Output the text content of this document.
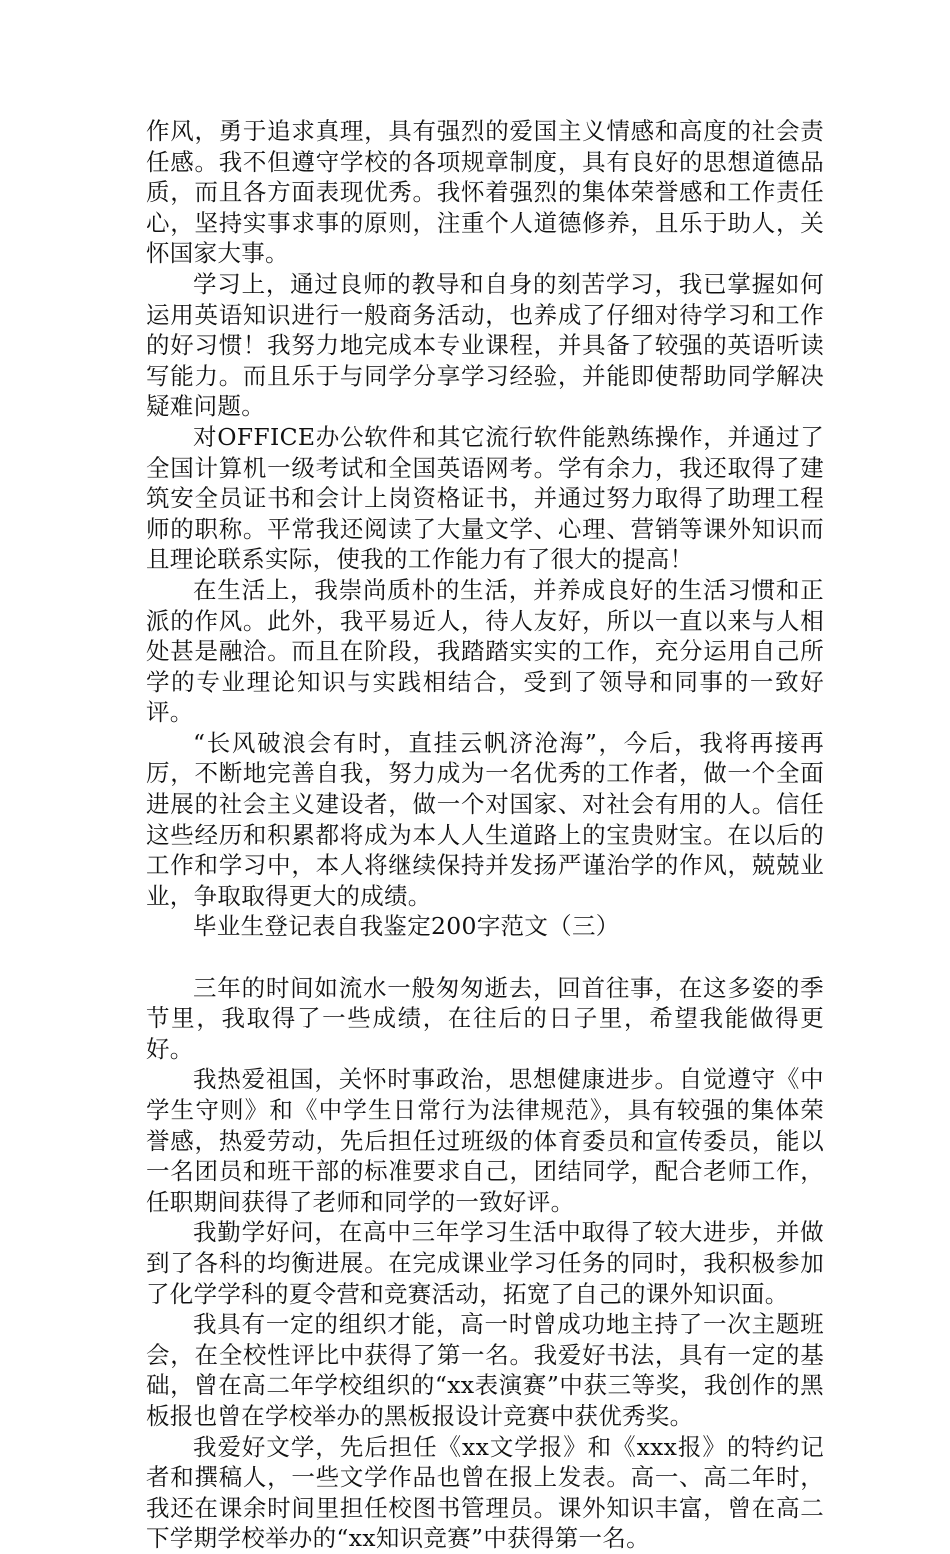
作风，勇于追求真理，具有强烈的爱国主义情感和高度的社会责任感。我不但遵守学校的各项规章制度，具有良好的思想道德品质，而且各方面表现优秀。我怀着强烈的集体荣誉感和工作责任心，坚持实事求事的原则，注重个人道德修养，且乐于助人，关怀国家大事。

学习上，通过良师的教导和自身的刻苦学习，我已掌握如何运用英语知识进行一般商务活动，也养成了仔细对待学习和工作的好习惯！我努力地完成本专业课程，并具备了较强的英语听读写能力。而且乐于与同学分享学习经验，并能即使帮助同学解决疑难问题。

对OFFICE办公软件和其它流行软件能熟练操作，并通过了全国计算机一级考试和全国英语网考。学有余力，我还取得了建筑安全员证书和会计上岗资格证书，并通过努力取得了助理工程师的职称。平常我还阅读了大量文学、心理、营销等课外知识而且理论联系实际，使我的工作能力有了很大的提高！

在生活上，我崇尚质朴的生活，并养成良好的生活习惯和正派的作风。此外，我平易近人，待人友好，所以一直以来与人相处甚是融洽。而且在阶段，我踏踏实实的工作，充分运用自己所学的专业理论知识与实践相结合，受到了领导和同事的一致好评。

“长风破浪会有时，直挂云帆济沧海”，今后，我将再接再厉，不断地完善自我，努力成为一名优秀的工作者，做一个全面进展的社会主义建设者，做一个对国家、对社会有用的人。信任这些经历和积累都将成为本人人生道路上的宝贵财宝。在以后的工作和学习中，本人将继续保持并发扬严谨治学的作风，兢兢业业，争取取得更大的成绩。

毕业生登记表自我鉴定200字范文（三）

三年的时间如流水一般匆匆逝去，回首往事，在这多姿的季节里，我取得了一些成绩，在往后的日子里，希望我能做得更好。

我热爱祖国，关怀时事政治，思想健康进步。自觉遵守《中学生守则》和《中学生日常行为法律规范》，具有较强的集体荣誉感，热爱劳动，先后担任过班级的体育委员和宣传委员，能以一名团员和班干部的标准要求自己，团结同学，配合老师工作，任职期间获得了老师和同学的一致好评。

我勤学好问，在高中三年学习生活中取得了较大进步，并做到了各科的均衡进展。在完成课业学习任务的同时，我积极参加了化学学科的夏令营和竞赛活动，拓宽了自己的课外知识面。

我具有一定的组织才能，高一时曾成功地主持了一次主题班会，在全校性评比中获得了第一名。我爱好书法，具有一定的基础，曾在高二年学校组织的“xx表演赛”中获三等奖，我创作的黑板报也曾在学校举办的黑板报设计竞赛中获优秀奖。

我爱好文学，先后担任《xx文学报》和《xxx报》的特约记者和撰稿人，一些文学作品也曾在报上发表。高一、高二年时，我还在课余时间里担任校图书管理员。课外知识丰富，曾在高二下学期学校举办的“xx知识竞赛”中获得第一名。
